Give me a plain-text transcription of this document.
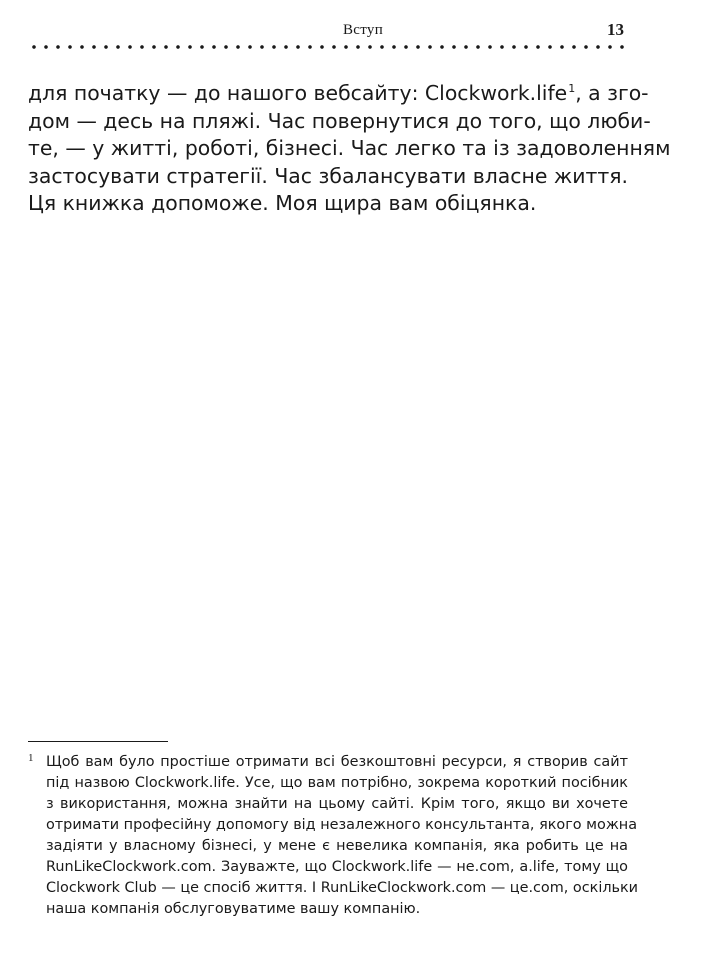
Вступ	13
для початку — до нашого вебсайту: Clockwork.life$^1$, а зго-
дом — десь на пляжі. Час повернутися до того, що люби-
те, — у житті, роботі, бізнесі. Час легко та із задоволенням
застосувати стратегії. Час збалансувати власне життя.
Ця книжка допоможе. Моя щира вам обіцянка.
1 Щоб вам було простіше отримати всі безкоштовні ресурси, я створив сайт
під назвою Clockwork.life. Усе, що вам потрібно, зокрема короткий посібник
з використання, можна знайти на цьому сайті. Крім того, якщо ви хочете
отримати професійну допомогу від незалежного консультанта, якого можна
задіяти у власному бізнесі, у мене є невелика компанія, яка робить це на
RunLikeClockwork.com. Зауважте, що Clockwork.life — не.com, а.life, тому що
Clockwork Club — це спосіб життя. І RunLikeClockwork.com — це.com, оскільки
наша компанія обслуговуватиме вашу компанію.
